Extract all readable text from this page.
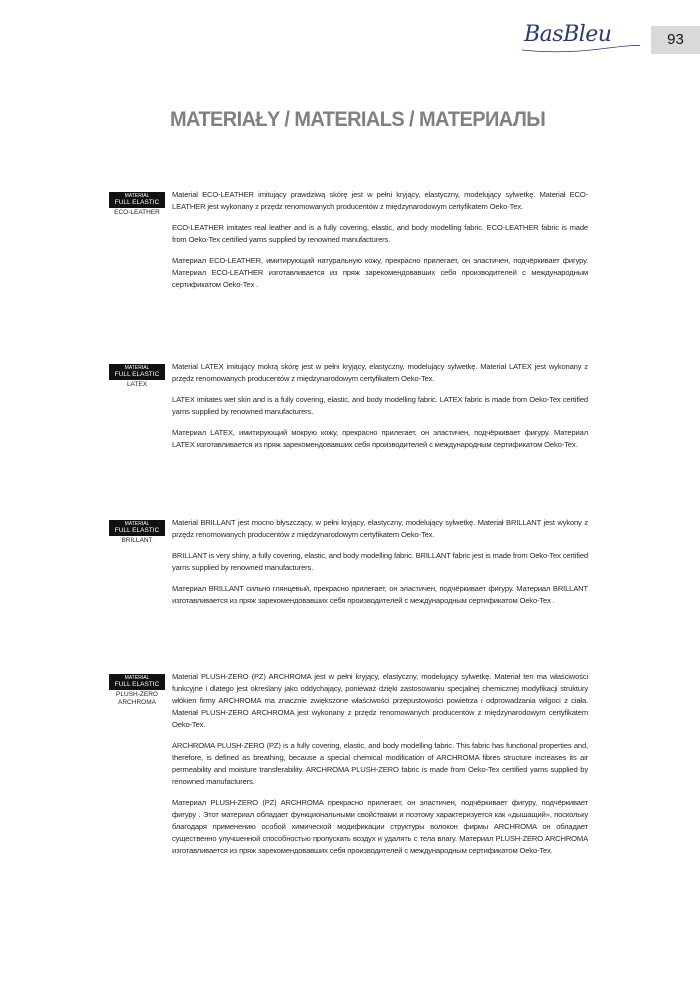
BasBleu	93
MATERIAŁY / MATERIALS / МАТЕРИАЛЫ
MATERIAL
FULL ELASTIC
ECO-LEATHER

Material ECO-LEATHER imitujący prawdziwą skórę jest w pełni kryjący, elastyczny, modelujący sylwetkę. Materiał ECO-LEATHER jest wykonany z przędz renomowanych producentów z międzynarodowym certyfikatem Oeko-Tex.

ECO-LEATHER imitates real leather and is a fully covering, elastic, and body modelling fabric. ECO-LEATHER fabric is made from Oeko-Tex certified yarns supplied by renowned manufacturers.

Материал ECO-LEATHER, имитирующий натуральную кожу, прекрасно прилегает, он эластичен, подчёркивает фигуру. Материал ECO-LEATHER изготавливается из пряж зарекомендовавших себя производителей с международным сертификатом Oeko-Tex .

MATERIAL
FULL ELASTIC
LATEX

Material LATEX imitujący mokrą skórę jest w pełni kryjący, elastyczny, modelujący sylwetkę. Materiał LATEX jest wykonany z przędz renomowanych producentów z międzynarodowym certyfikatem Oeko-Tex.

LATEX imitates wet skin and is a fully covering, elastic, and body modelling fabric. LATEX fabric is made from Oeko-Tex certified yarns supplied by renowned manufacturers.

Материал LATEX, имитирующий мокрую кожу, прекрасно прилегает, он эластичен, подчёркивает фигуру. Материал LATEX изготавливается из пряж зарекомендовавших себя производителей с международным сертификатом Oeko-Tex.

MATERIAL
FULL ELASTIC
BRILLANT

Material BRILLANT jest mocno błyszczący, w pełni kryjący, elastyczny, modelujący sylwetkę. Materiał BRILLANT jest wykony z przędz renomowanych producentów z międzynarodowym certyfikatem Oeko-Tex.

BRILLANT is very shiny, a fully covering, elastic, and body modelling fabric. BRILLANT fabric jest is made from Oeko-Tex certified yarns supplied by renowned manufacturers.

Материал BRILLANT сильно глянцевый, прекрасно прилегает, он эластичен, подчёркивает фигуру. Материал BRILLANT изготавливается из пряж зарекомендовавших себя производителей с международным сертификатом Oeko-Tex .

MATERIAL
FULL ELASTIC
PLUSH-ZERO ARCHROMA

Material PLUSH-ZERO (PZ) ARCHROMA jest w pełni kryjący, elastyczny, modelujący sylwetkę. Materiał ten ma właściwości funkcyjne i dlatego jest określany jako oddychający, ponieważ dzięki zastosowaniu specjalnej chemicznej modyfikacji struktury włókien firmy ARCHROMA ma znacznie zwiększone właściwości przepustowości powietrza i odprowadzania wilgoci z ciała. Materiał PLUSH-ZERO ARCHROMA jest wykonany z przędz renomowanych producentów z międzynarodowym certyfikatem Oeko-Tex.

ARCHROMA PLUSH-ZERO (PZ) is a fully covering, elastic, and body modelling fabric. This fabric has functional properties and, therefore, is defined as breathing, because a special chemical modification of ARCHROMA fibres structure increases its air permeability and moisture transferability. ARCHROMA PLUSH-ZERO fabric is made from Oeko-Tex certified yarns supplied by renowned manufacturers.

Материал PLUSH-ZERO (PZ) ARCHROMA прекрасно прилегает, он эластичен, подчёркивает фигуру, подчёркивает фигуру . Этот материал обладает функциональными свойствами и поэтому характеризуется как «дышащий», поскольку благодаря применению особой химической модификации структуры волокон фирмы ARCHROMA он обладает существенно улучшенной способностью пропускать воздух и удалять с тела влагу. Материал PLUSH-ZERO ARCHROMA изготавливается из пряж зарекомендовавших себя производителей с международным сертификатом Oeko-Tex.
